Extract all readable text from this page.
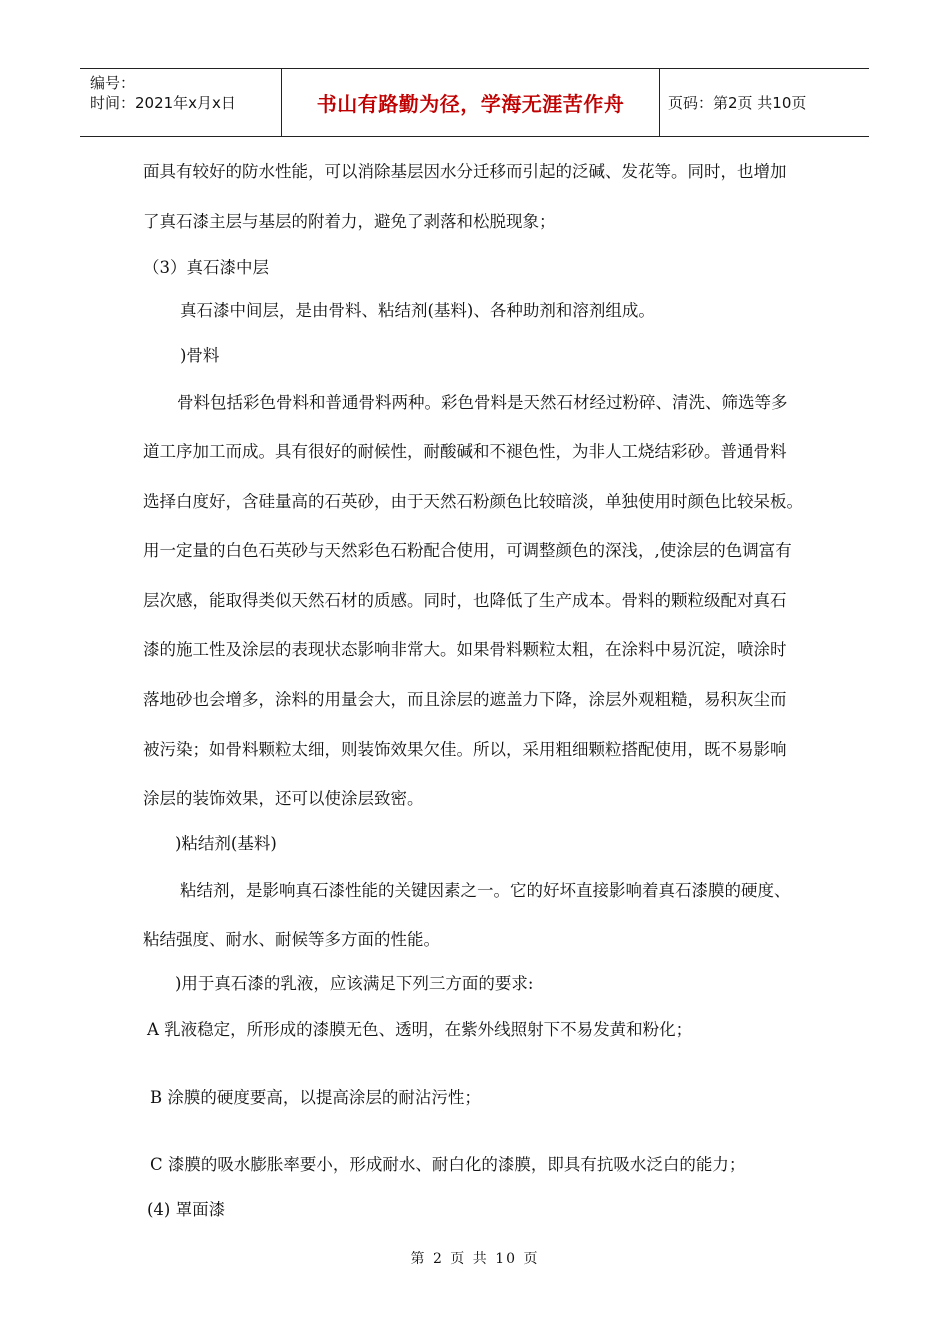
编号：
时间：2021年x月x日	书山有路勤为径，学海无涯苦作舟	页码：第2页 共10页
面具有较好的防水性能，可以消除基层因水分迁移而引起的泛碱、发花等。同时，也增加
了真石漆主层与基层的附着力，避免了剥落和松脱现象；
（3）真石漆中层
真石漆中间层，是由骨料、粘结剂(基料)、各种助剂和溶剂组成。
)骨料
骨料包括彩色骨料和普通骨料两种。彩色骨料是天然石材经过粉碎、清洗、筛选等多
道工序加工而成。具有很好的耐候性，耐酸碱和不褪色性，为非人工烧结彩砂。普通骨料
选择白度好，含硅量高的石英砂，由于天然石粉颜色比较暗淡，单独使用时颜色比较呆板。
用一定量的白色石英砂与天然彩色石粉配合使用，可调整颜色的深浅，,使涂层的色调富有
层次感，能取得类似天然石材的质感。同时，也降低了生产成本。骨料的颗粒级配对真石
漆的施工性及涂层的表现状态影响非常大。如果骨料颗粒太粗，在涂料中易沉淀，喷涂时
落地砂也会增多，涂料的用量会大，而且涂层的遮盖力下降，涂层外观粗糙，易积灰尘而
被污染；如骨料颗粒太细，则装饰效果欠佳。所以，采用粗细颗粒搭配使用，既不易影响
涂层的装饰效果，还可以使涂层致密。
)粘结剂(基料)
粘结剂，是影响真石漆性能的关键因素之一。它的好坏直接影响着真石漆膜的硬度、
粘结强度、耐水、耐候等多方面的性能。
)用于真石漆的乳液，应该满足下列三方面的要求:
A 乳液稳定，所形成的漆膜无色、透明，在紫外线照射下不易发黄和粉化；
B 涂膜的硬度要高，以提高涂层的耐沾污性；
C 漆膜的吸水膨胀率要小，形成耐水、耐白化的漆膜，即具有抗吸水泛白的能力；
(4) 罩面漆
第 2 页 共 10 页
